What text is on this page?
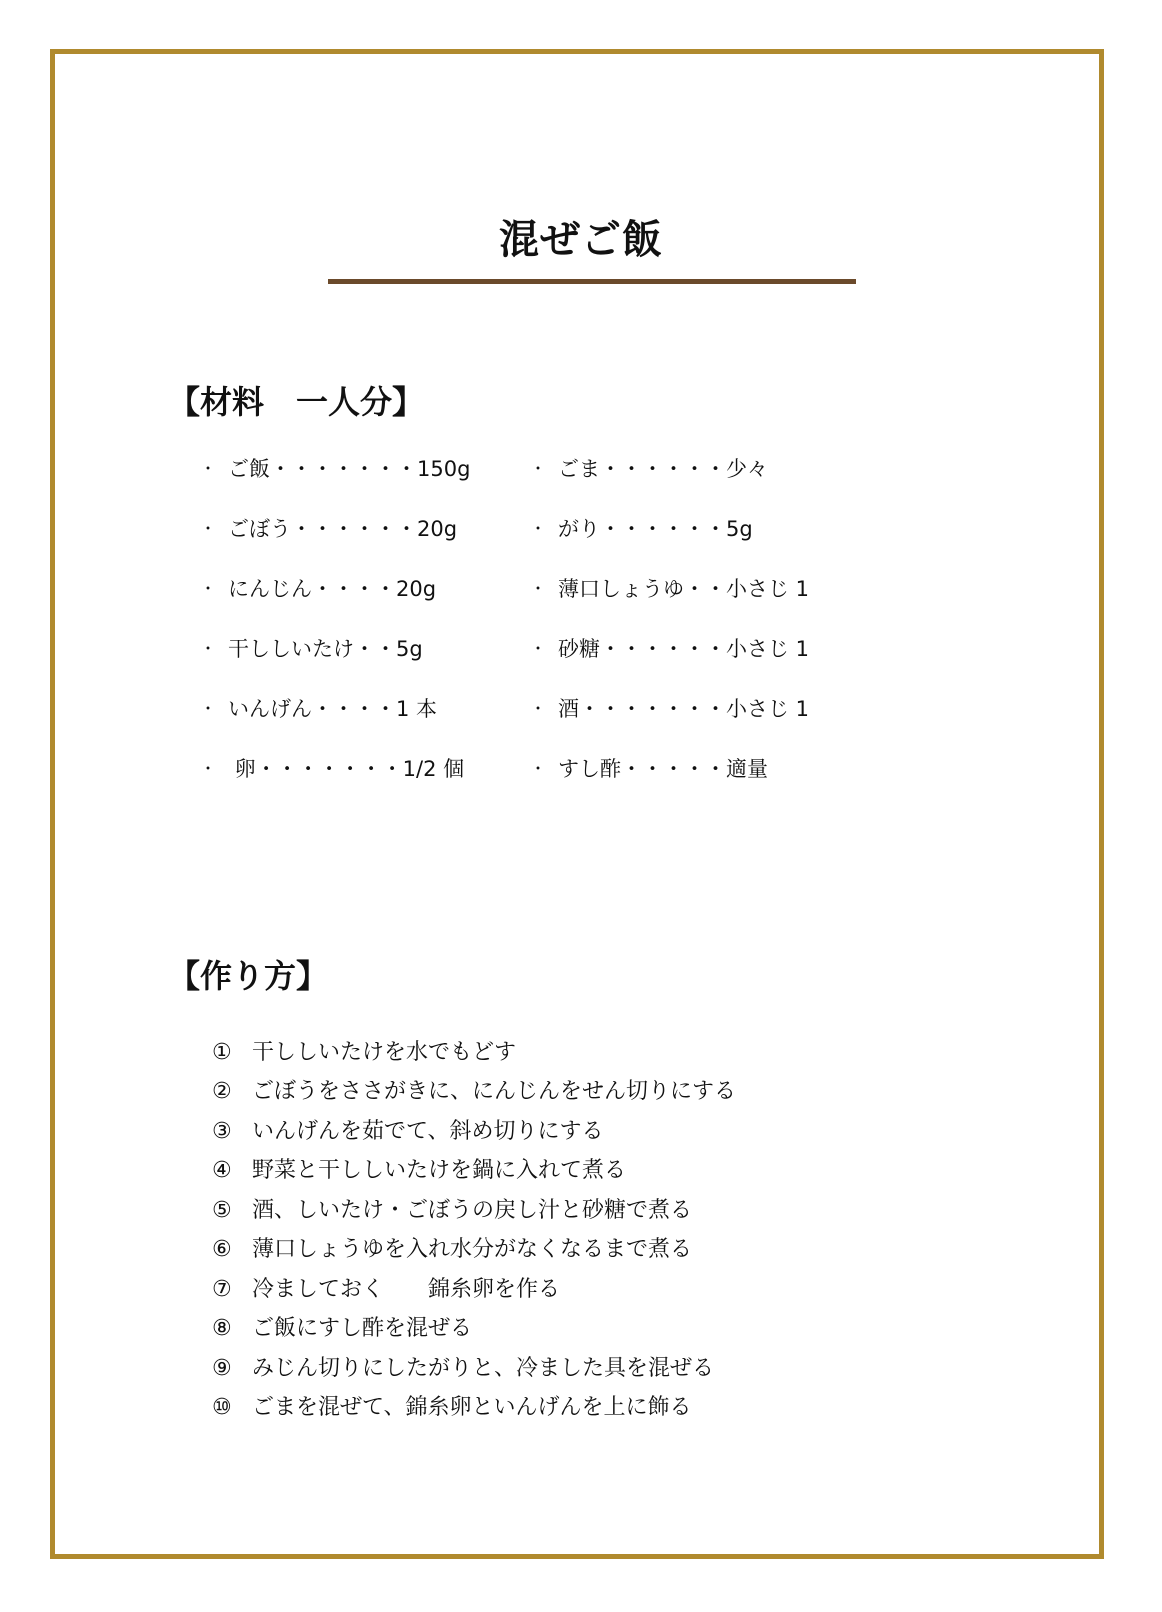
混ぜご飯
【材料　一人分】
・ ご飯・・・・・・・150g
・ ごぼう・・・・・・20g
・ にんじん・・・・20g
・ 干ししいたけ・・5g
・ いんげん・・・・1 本
・ 卵・・・・・・・1/2 個
・ ごま・・・・・・少々
・ がり・・・・・・5g
・ 薄口しょうゆ・・小さじ 1
・ 砂糖・・・・・・小さじ 1
・ 酒・・・・・・・小さじ 1
・ すし酢・・・・・適量
【作り方】
① 干ししいたけを水でもどす
② ごぼうをささがきに、にんじんをせん切りにする
③ いんげんを茹でて、斜め切りにする
④ 野菜と干ししいたけを鍋に入れて煮る
⑤ 酒、しいたけ・ごぼうの戻し汁と砂糖で煮る
⑥ 薄口しょうゆを入れ水分がなくなるまで煮る
⑦ 冷ましておく　　錦糸卵を作る
⑧ ご飯にすし酢を混ぜる
⑨ みじん切りにしたがりと、冷ました具を混ぜる
⑩ ごまを混ぜて、錦糸卵といんげんを上に飾る
